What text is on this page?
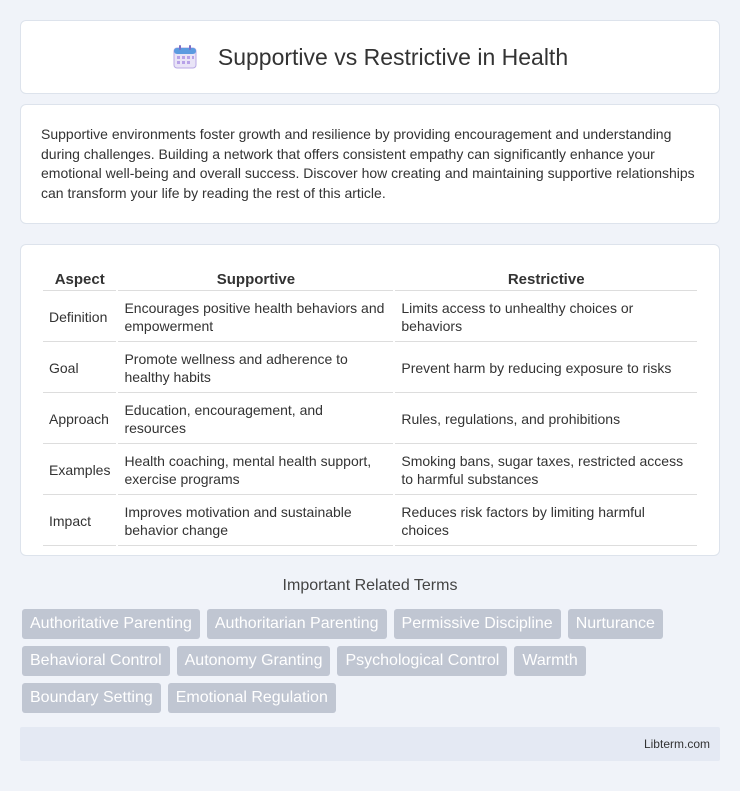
Supportive vs Restrictive in Health

Supportive environments foster growth and resilience by providing encouragement and understanding during challenges. Building a network that offers consistent empathy can significantly enhance your emotional well-being and overall success. Discover how creating and maintaining supportive relationships can transform your life by reading the rest of this article.

Aspect	Supportive	Restrictive
Definition	Encourages positive health behaviors and empowerment	Limits access to unhealthy choices or behaviors
Goal	Promote wellness and adherence to healthy habits	Prevent harm by reducing exposure to risks
Approach	Education, encouragement, and resources	Rules, regulations, and prohibitions
Examples	Health coaching, mental health support, exercise programs	Smoking bans, sugar taxes, restricted access to harmful substances
Impact	Improves motivation and sustainable behavior change	Reduces risk factors by limiting harmful choices
Important Related Terms
Authoritative Parenting	Authoritarian Parenting	Permissive Discipline	Nurturance
Behavioral Control	Autonomy Granting	Psychological Control	Warmth
Boundary Setting	Emotional Regulation
Libterm.com
